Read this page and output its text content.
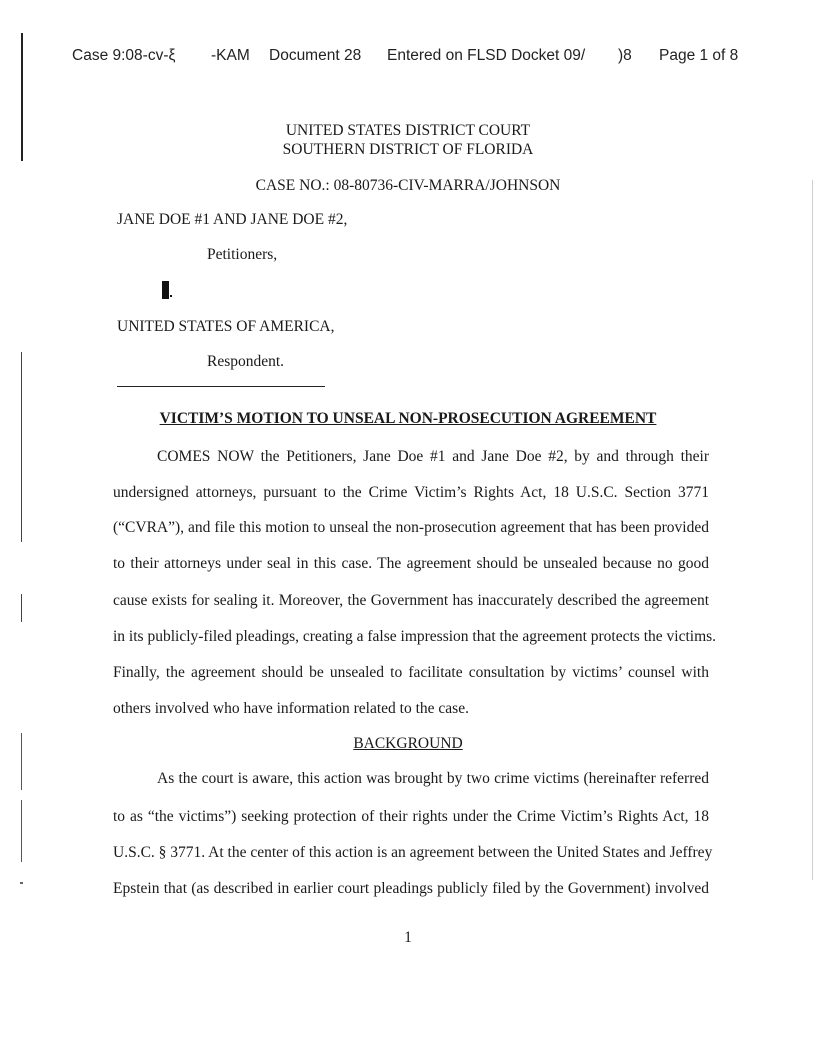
Case 9:08-cv-ξ -KAM Document 28 Entered on FLSD Docket 09/ )8 Page 1 of 8
UNITED STATES DISTRICT COURT
SOUTHERN DISTRICT OF FLORIDA
CASE NO.: 08-80736-CIV-MARRA/JOHNSON
JANE DOE #1 AND JANE DOE #2,
Petitioners,
UNITED STATES OF AMERICA,
Respondent.
VICTIM’S MOTION TO UNSEAL NON-PROSECUTION AGREEMENT
COMES NOW the Petitioners, Jane Doe #1 and Jane Doe #2, by and through their
undersigned attorneys, pursuant to the Crime Victim’s Rights Act, 18 U.S.C. Section 3771
(“CVRA”), and file this motion to unseal the non-prosecution agreement that has been provided
to their attorneys under seal in this case. The agreement should be unsealed because no good
cause exists for sealing it. Moreover, the Government has inaccurately described the agreement
in its publicly-filed pleadings, creating a false impression that the agreement protects the victims.
Finally, the agreement should be unsealed to facilitate consultation by victims’ counsel with
others involved who have information related to the case.
BACKGROUND
As the court is aware, this action was brought by two crime victims (hereinafter referred
to as “the victims”) seeking protection of their rights under the Crime Victim’s Rights Act, 18
U.S.C. § 3771. At the center of this action is an agreement between the United States and Jeffrey
Epstein that (as described in earlier court pleadings publicly filed by the Government) involved
1
